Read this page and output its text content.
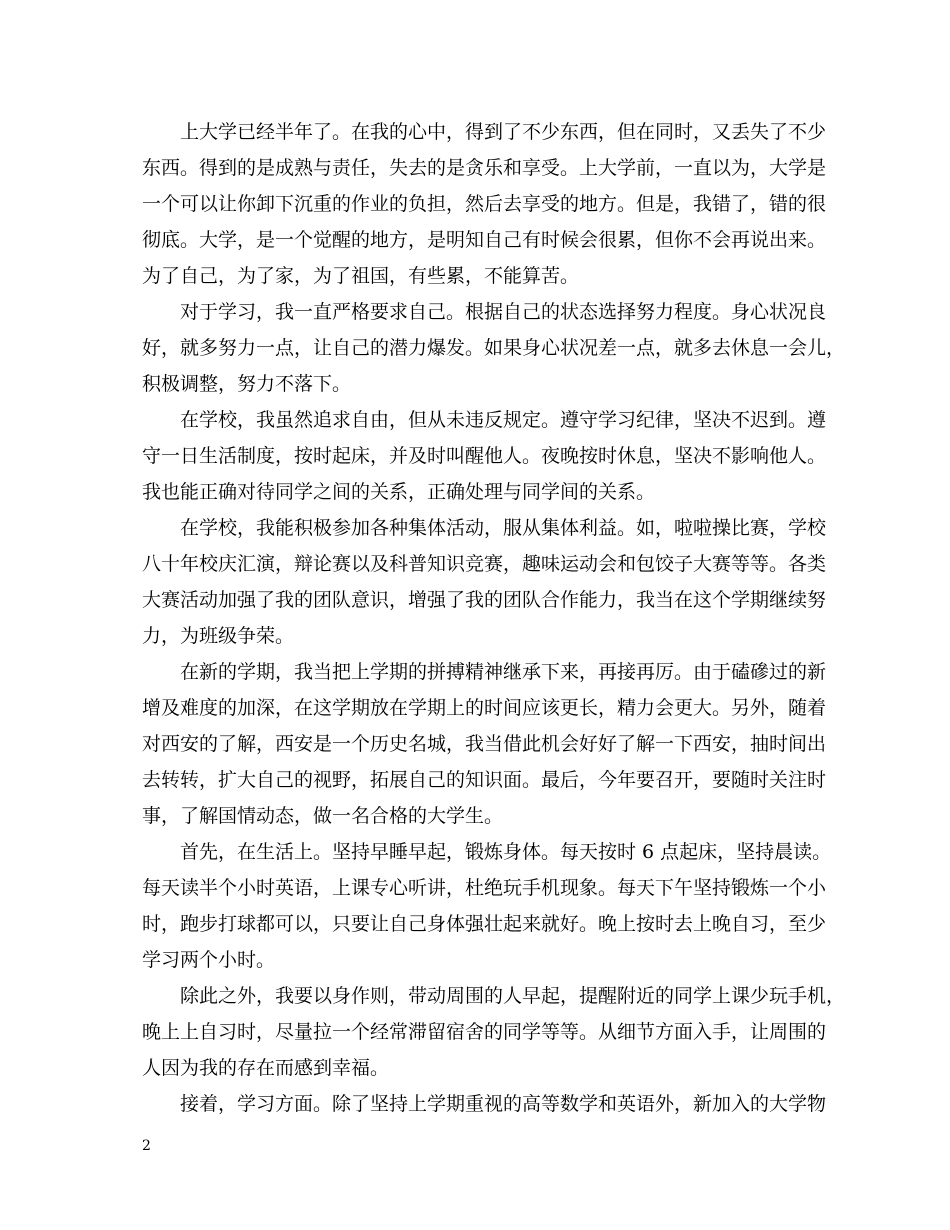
上大学已经半年了。在我的心中，得到了不少东西，但在同时，又丢失了不少
东西。得到的是成熟与责任，失去的是贪乐和享受。上大学前，一直以为，大学是
一个可以让你卸下沉重的作业的负担，然后去享受的地方。但是，我错了，错的很
彻底。大学，是一个觉醒的地方，是明知自己有时候会很累，但你不会再说出来。
为了自己，为了家，为了祖国，有些累，不能算苦。
对于学习，我一直严格要求自己。根据自己的状态选择努力程度。身心状况良
好，就多努力一点，让自己的潜力爆发。如果身心状况差一点，就多去休息一会儿，
积极调整，努力不落下。
在学校，我虽然追求自由，但从未违反规定。遵守学习纪律，坚决不迟到。遵
守一日生活制度，按时起床，并及时叫醒他人。夜晚按时休息，坚决不影响他人。
我也能正确对待同学之间的关系，正确处理与同学间的关系。
在学校，我能积极参加各种集体活动，服从集体利益。如，啦啦操比赛，学校
八十年校庆汇演，辩论赛以及科普知识竞赛，趣味运动会和包饺子大赛等等。各类
大赛活动加强了我的团队意识，增强了我的团队合作能力，我当在这个学期继续努
力，为班级争荣。
在新的学期，我当把上学期的拼搏精神继承下来，再接再厉。由于磕磣过的新
增及难度的加深，在这学期放在学期上的时间应该更长，精力会更大。另外，随着
对西安的了解，西安是一个历史名城，我当借此机会好好了解一下西安，抽时间出
去转转，扩大自己的视野，拓展自己的知识面。最后，今年要召开，要随时关注时
事，了解国情动态，做一名合格的大学生。
首先，在生活上。坚持早睡早起，锻炼身体。每天按时 6 点起床，坚持晨读。
每天读半个小时英语，上课专心听讲，杜绝玩手机现象。每天下午坚持锻炼一个小
时，跑步打球都可以，只要让自己身体强壮起来就好。晚上按时去上晚自习，至少
学习两个小时。
除此之外，我要以身作则，带动周围的人早起，提醒附近的同学上课少玩手机，
晚上上自习时，尽量拉一个经常滞留宿舍的同学等等。从细节方面入手，让周围的
人因为我的存在而感到幸福。
接着，学习方面。除了坚持上学期重视的高等数学和英语外，新加入的大学物
2
